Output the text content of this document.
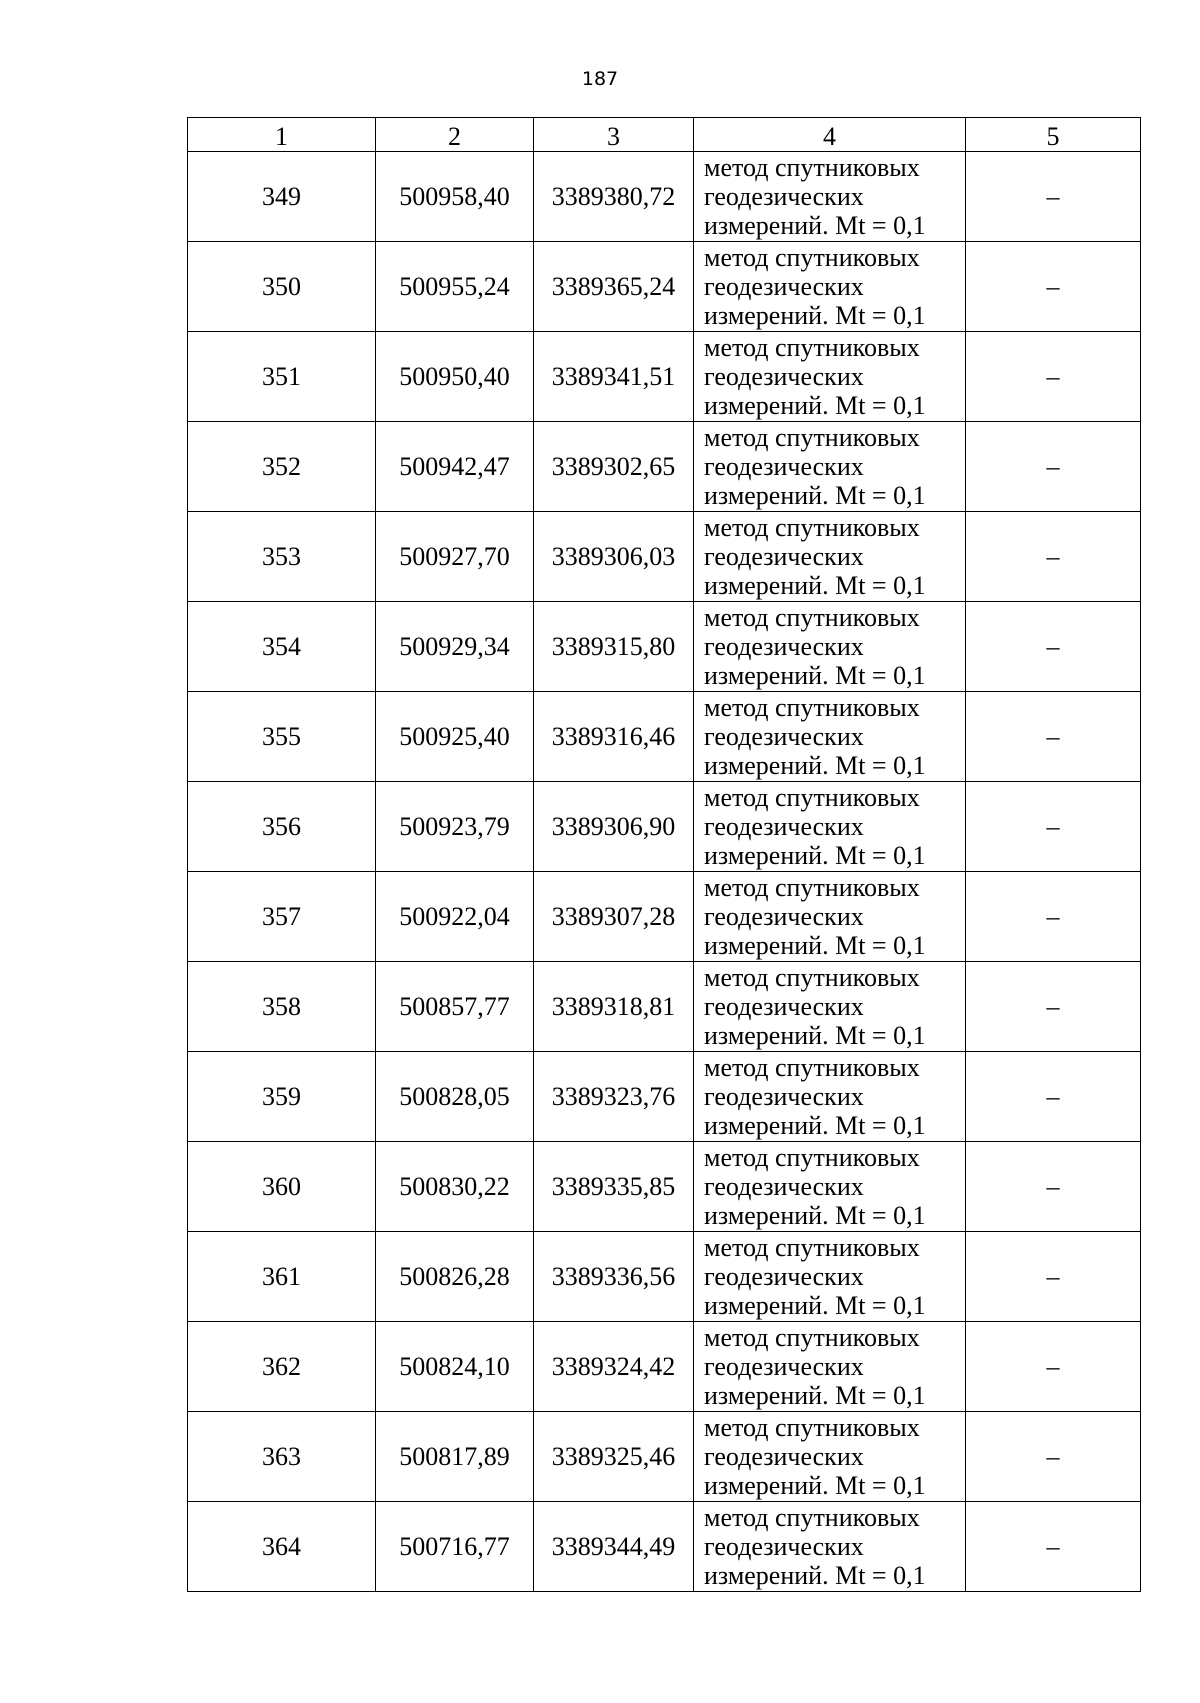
187
1	2	3	4	5
349	500958,40	3389380,72	метод спутниковых
геодезических
измерений. Mt = 0,1	–
350	500955,24	3389365,24	метод спутниковых
геодезических
измерений. Mt = 0,1	–
351	500950,40	3389341,51	метод спутниковых
геодезических
измерений. Mt = 0,1	–
352	500942,47	3389302,65	метод спутниковых
геодезических
измерений. Mt = 0,1	–
353	500927,70	3389306,03	метод спутниковых
геодезических
измерений. Mt = 0,1	–
354	500929,34	3389315,80	метод спутниковых
геодезических
измерений. Mt = 0,1	–
355	500925,40	3389316,46	метод спутниковых
геодезических
измерений. Mt = 0,1	–
356	500923,79	3389306,90	метод спутниковых
геодезических
измерений. Mt = 0,1	–
357	500922,04	3389307,28	метод спутниковых
геодезических
измерений. Mt = 0,1	–
358	500857,77	3389318,81	метод спутниковых
геодезических
измерений. Mt = 0,1	–
359	500828,05	3389323,76	метод спутниковых
геодезических
измерений. Mt = 0,1	–
360	500830,22	3389335,85	метод спутниковых
геодезических
измерений. Mt = 0,1	–
361	500826,28	3389336,56	метод спутниковых
геодезических
измерений. Mt = 0,1	–
362	500824,10	3389324,42	метод спутниковых
геодезических
измерений. Mt = 0,1	–
363	500817,89	3389325,46	метод спутниковых
геодезических
измерений. Mt = 0,1	–
364	500716,77	3389344,49	метод спутниковых
геодезических
измерений. Mt = 0,1	–
